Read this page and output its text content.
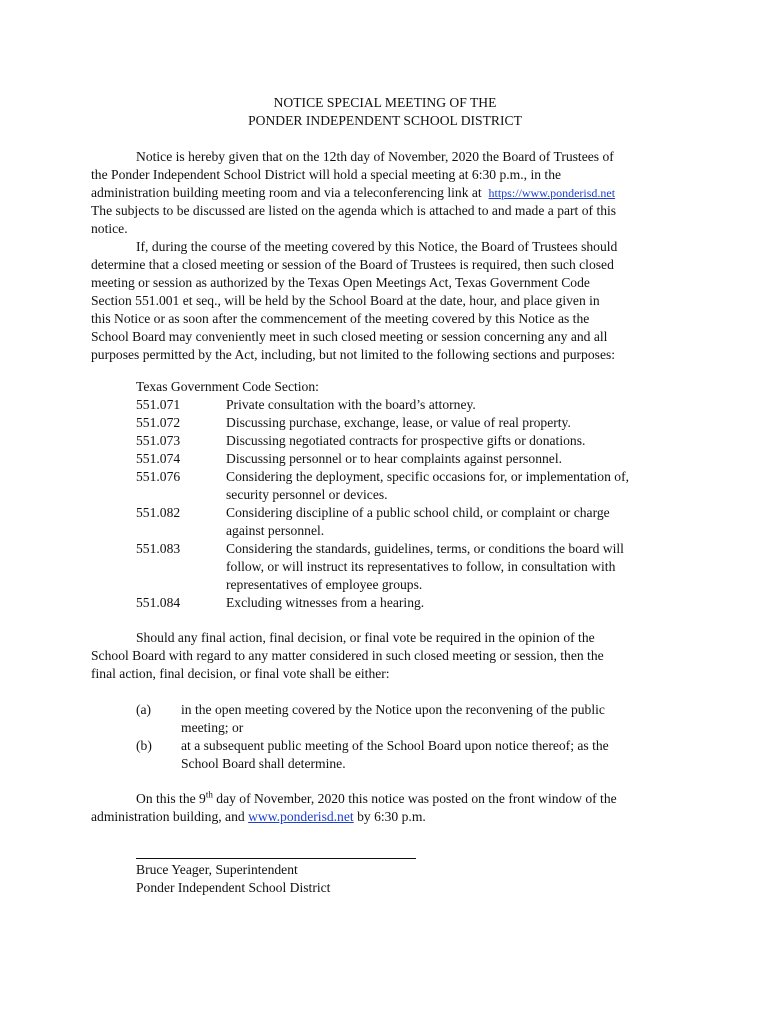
NOTICE SPECIAL MEETING OF THE
PONDER INDEPENDENT SCHOOL DISTRICT
Notice is hereby given that on the 12th day of November, 2020 the Board of Trustees of
the Ponder Independent School District will hold a special meeting at 6:30 p.m., in the
administration building meeting room and via a teleconferencing link at https://www.ponderisd.net
The subjects to be discussed are listed on the agenda which is attached to and made a part of this
notice.
If, during the course of the meeting covered by this Notice, the Board of Trustees should
determine that a closed meeting or session of the Board of Trustees is required, then such closed
meeting or session as authorized by the Texas Open Meetings Act, Texas Government Code
Section 551.001 et seq., will be held by the School Board at the date, hour, and place given in
this Notice or as soon after the commencement of the meeting covered by this Notice as the
School Board may conveniently meet in such closed meeting or session concerning any and all
purposes permitted by the Act, including, but not limited to the following sections and purposes:
Texas Government Code Section:
551.071	Private consultation with the board’s attorney.
551.072	Discussing purchase, exchange, lease, or value of real property.
551.073	Discussing negotiated contracts for prospective gifts or donations.
551.074	Discussing personnel or to hear complaints against personnel.
551.076	Considering the deployment, specific occasions for, or implementation of,
security personnel or devices.
551.082	Considering discipline of a public school child, or complaint or charge
against personnel.
551.083	Considering the standards, guidelines, terms, or conditions the board will
follow, or will instruct its representatives to follow, in consultation with
representatives of employee groups.
551.084	Excluding witnesses from a hearing.
Should any final action, final decision, or final vote be required in the opinion of the
School Board with regard to any matter considered in such closed meeting or session, then the
final action, final decision, or final vote shall be either:
(a)	in the open meeting covered by the Notice upon the reconvening of the public
meeting; or
(b)	at a subsequent public meeting of the School Board upon notice thereof; as the
School Board shall determine.
On this the 9th day of November, 2020 this notice was posted on the front window of the
administration building, and www.ponderisd.net by 6:30 p.m.
Bruce Yeager, Superintendent
Ponder Independent School District
